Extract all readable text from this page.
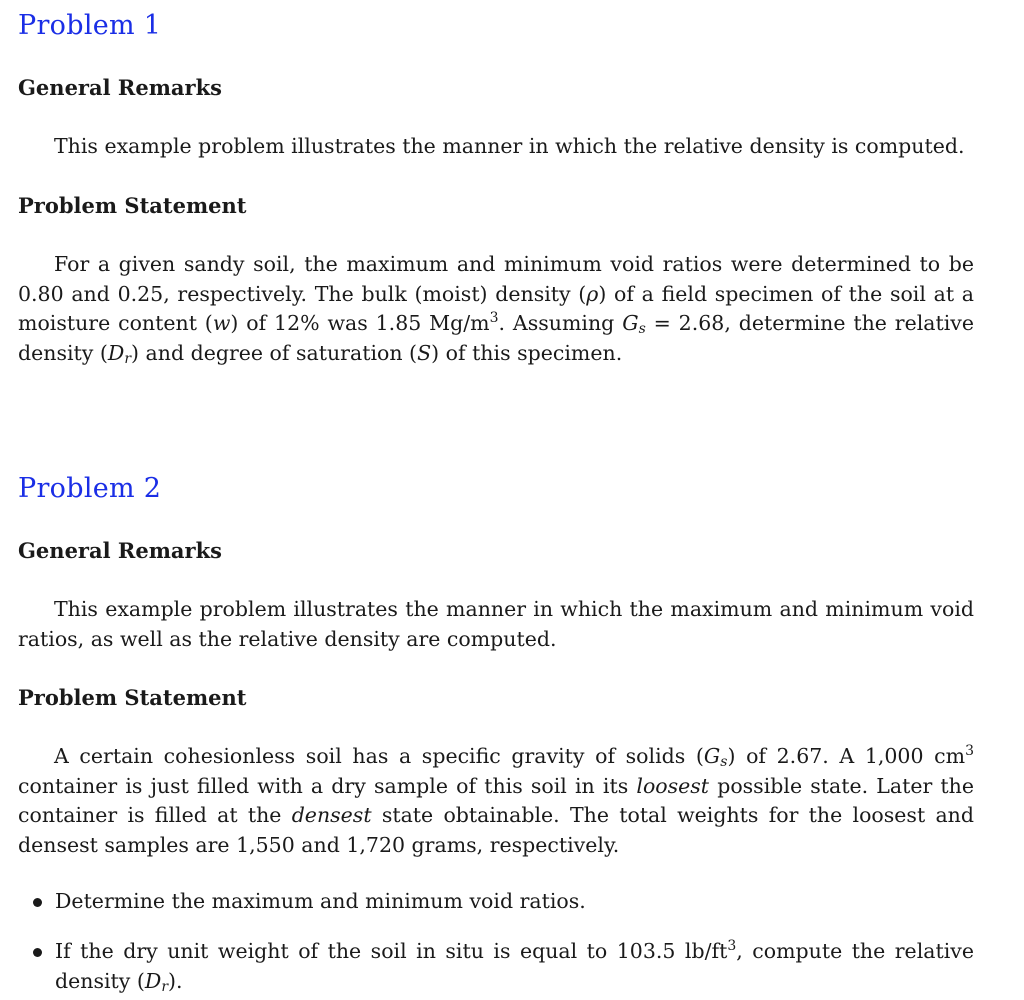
Problem 1
General Remarks
This example problem illustrates the manner in which the relative density is computed.
Problem Statement
For a given sandy soil, the maximum and minimum void ratios were determined to be 0.80 and 0.25, respectively. The bulk (moist) density (ρ) of a field specimen of the soil at a moisture content (w) of 12% was 1.85 $Mg/m^3$. Assuming $G_s = 2.68$, determine the relative density $(D_r)$ and degree of saturation (S) of this specimen.
Problem 2
General Remarks
This example problem illustrates the manner in which the maximum and minimum void ratios, as well as the relative density are computed.
Problem Statement
A certain cohesionless soil has a specific gravity of solids $(G_s)$ of 2.67. A 1,000 $cm^3$ container is just filled with a dry sample of this soil in its loosest possible state. Later the container is filled at the densest state obtainable. The total weights for the loosest and densest samples are 1,550 and 1,720 grams, respectively.
Determine the maximum and minimum void ratios.
If the dry unit weight of the soil in situ is equal to 103.5 $lb/ft^3$, compute the relative density $(D_r)$.
